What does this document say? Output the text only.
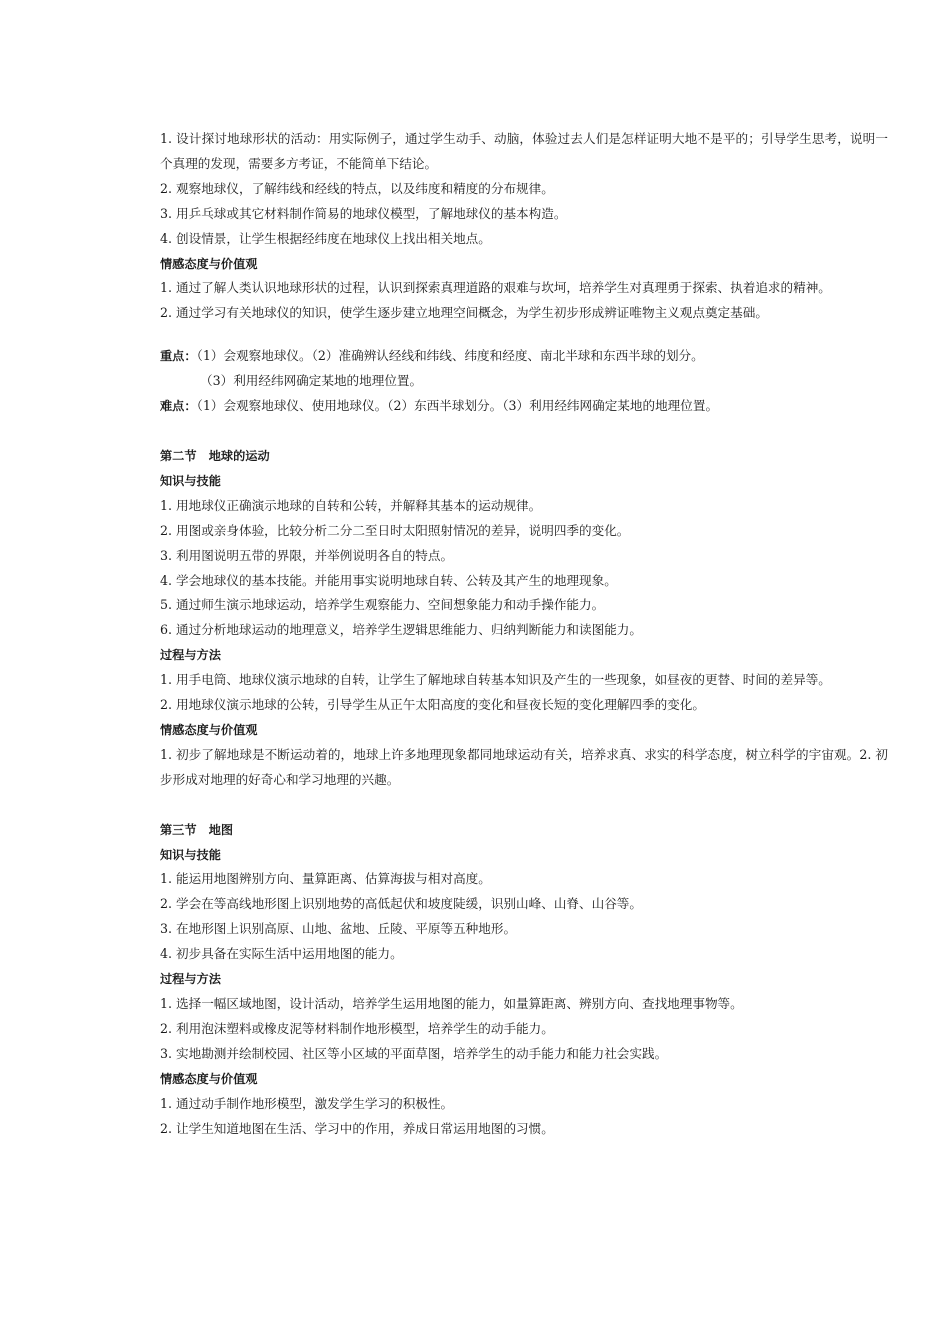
1. 设计探讨地球形状的活动：用实际例子，通过学生动手、动脑，体验过去人们是怎样证明大地不是平的；引导学生思考，说明一个真理的发现，需要多方考证，不能简单下结论。

2. 观察地球仪，了解纬线和经线的特点，以及纬度和精度的分布规律。

3. 用乒乓球或其它材料制作简易的地球仪模型，了解地球仪的基本构造。

4. 创设情景，让学生根据经纬度在地球仪上找出相关地点。

情感态度与价值观

1. 通过了解人类认识地球形状的过程，认识到探索真理道路的艰难与坎坷，培养学生对真理勇于探索、执着追求的精神。

2. 通过学习有关地球仪的知识，使学生逐步建立地理空间概念，为学生初步形成辨证唯物主义观点奠定基础。

重点：（1）会观察地球仪。（2）准确辨认经线和纬线、纬度和经度、南北半球和东西半球的划分。

（3）利用经纬网确定某地的地理位置。

难点：（1）会观察地球仪、使用地球仪。（2）东西半球划分。（3）利用经纬网确定某地的地理位置。

第二节　地球的运动

知识与技能

1. 用地球仪正确演示地球的自转和公转，并解释其基本的运动规律。

2. 用图或亲身体验，比较分析二分二至日时太阳照射情况的差异，说明四季的变化。

3. 利用图说明五带的界限，并举例说明各自的特点。

4. 学会地球仪的基本技能。并能用事实说明地球自转、公转及其产生的地理现象。

5. 通过师生演示地球运动，培养学生观察能力、空间想象能力和动手操作能力。

6. 通过分析地球运动的地理意义，培养学生逻辑思维能力、归纳判断能力和读图能力。

过程与方法

1. 用手电筒、地球仪演示地球的自转，让学生了解地球自转基本知识及产生的一些现象，如昼夜的更替、时间的差异等。

2. 用地球仪演示地球的公转，引导学生从正午太阳高度的变化和昼夜长短的变化理解四季的变化。

情感态度与价值观

1. 初步了解地球是不断运动着的，地球上许多地理现象都同地球运动有关，培养求真、求实的科学态度，树立科学的宇宙观。2. 初步形成对地理的好奇心和学习地理的兴趣。

第三节　地图

知识与技能

1. 能运用地图辨别方向、量算距离、估算海拔与相对高度。

2. 学会在等高线地形图上识别地势的高低起伏和坡度陡缓，识别山峰、山脊、山谷等。

3. 在地形图上识别高原、山地、盆地、丘陵、平原等五种地形。

4. 初步具备在实际生活中运用地图的能力。

过程与方法

1. 选择一幅区域地图，设计活动，培养学生运用地图的能力，如量算距离、辨别方向、查找地理事物等。

2. 利用泡沫塑料或橡皮泥等材料制作地形模型，培养学生的动手能力。

3. 实地勘测并绘制校园、社区等小区域的平面草图，培养学生的动手能力和能力社会实践。

情感态度与价值观

1. 通过动手制作地形模型，激发学生学习的积极性。

2. 让学生知道地图在生活、学习中的作用，养成日常运用地图的习惯。
